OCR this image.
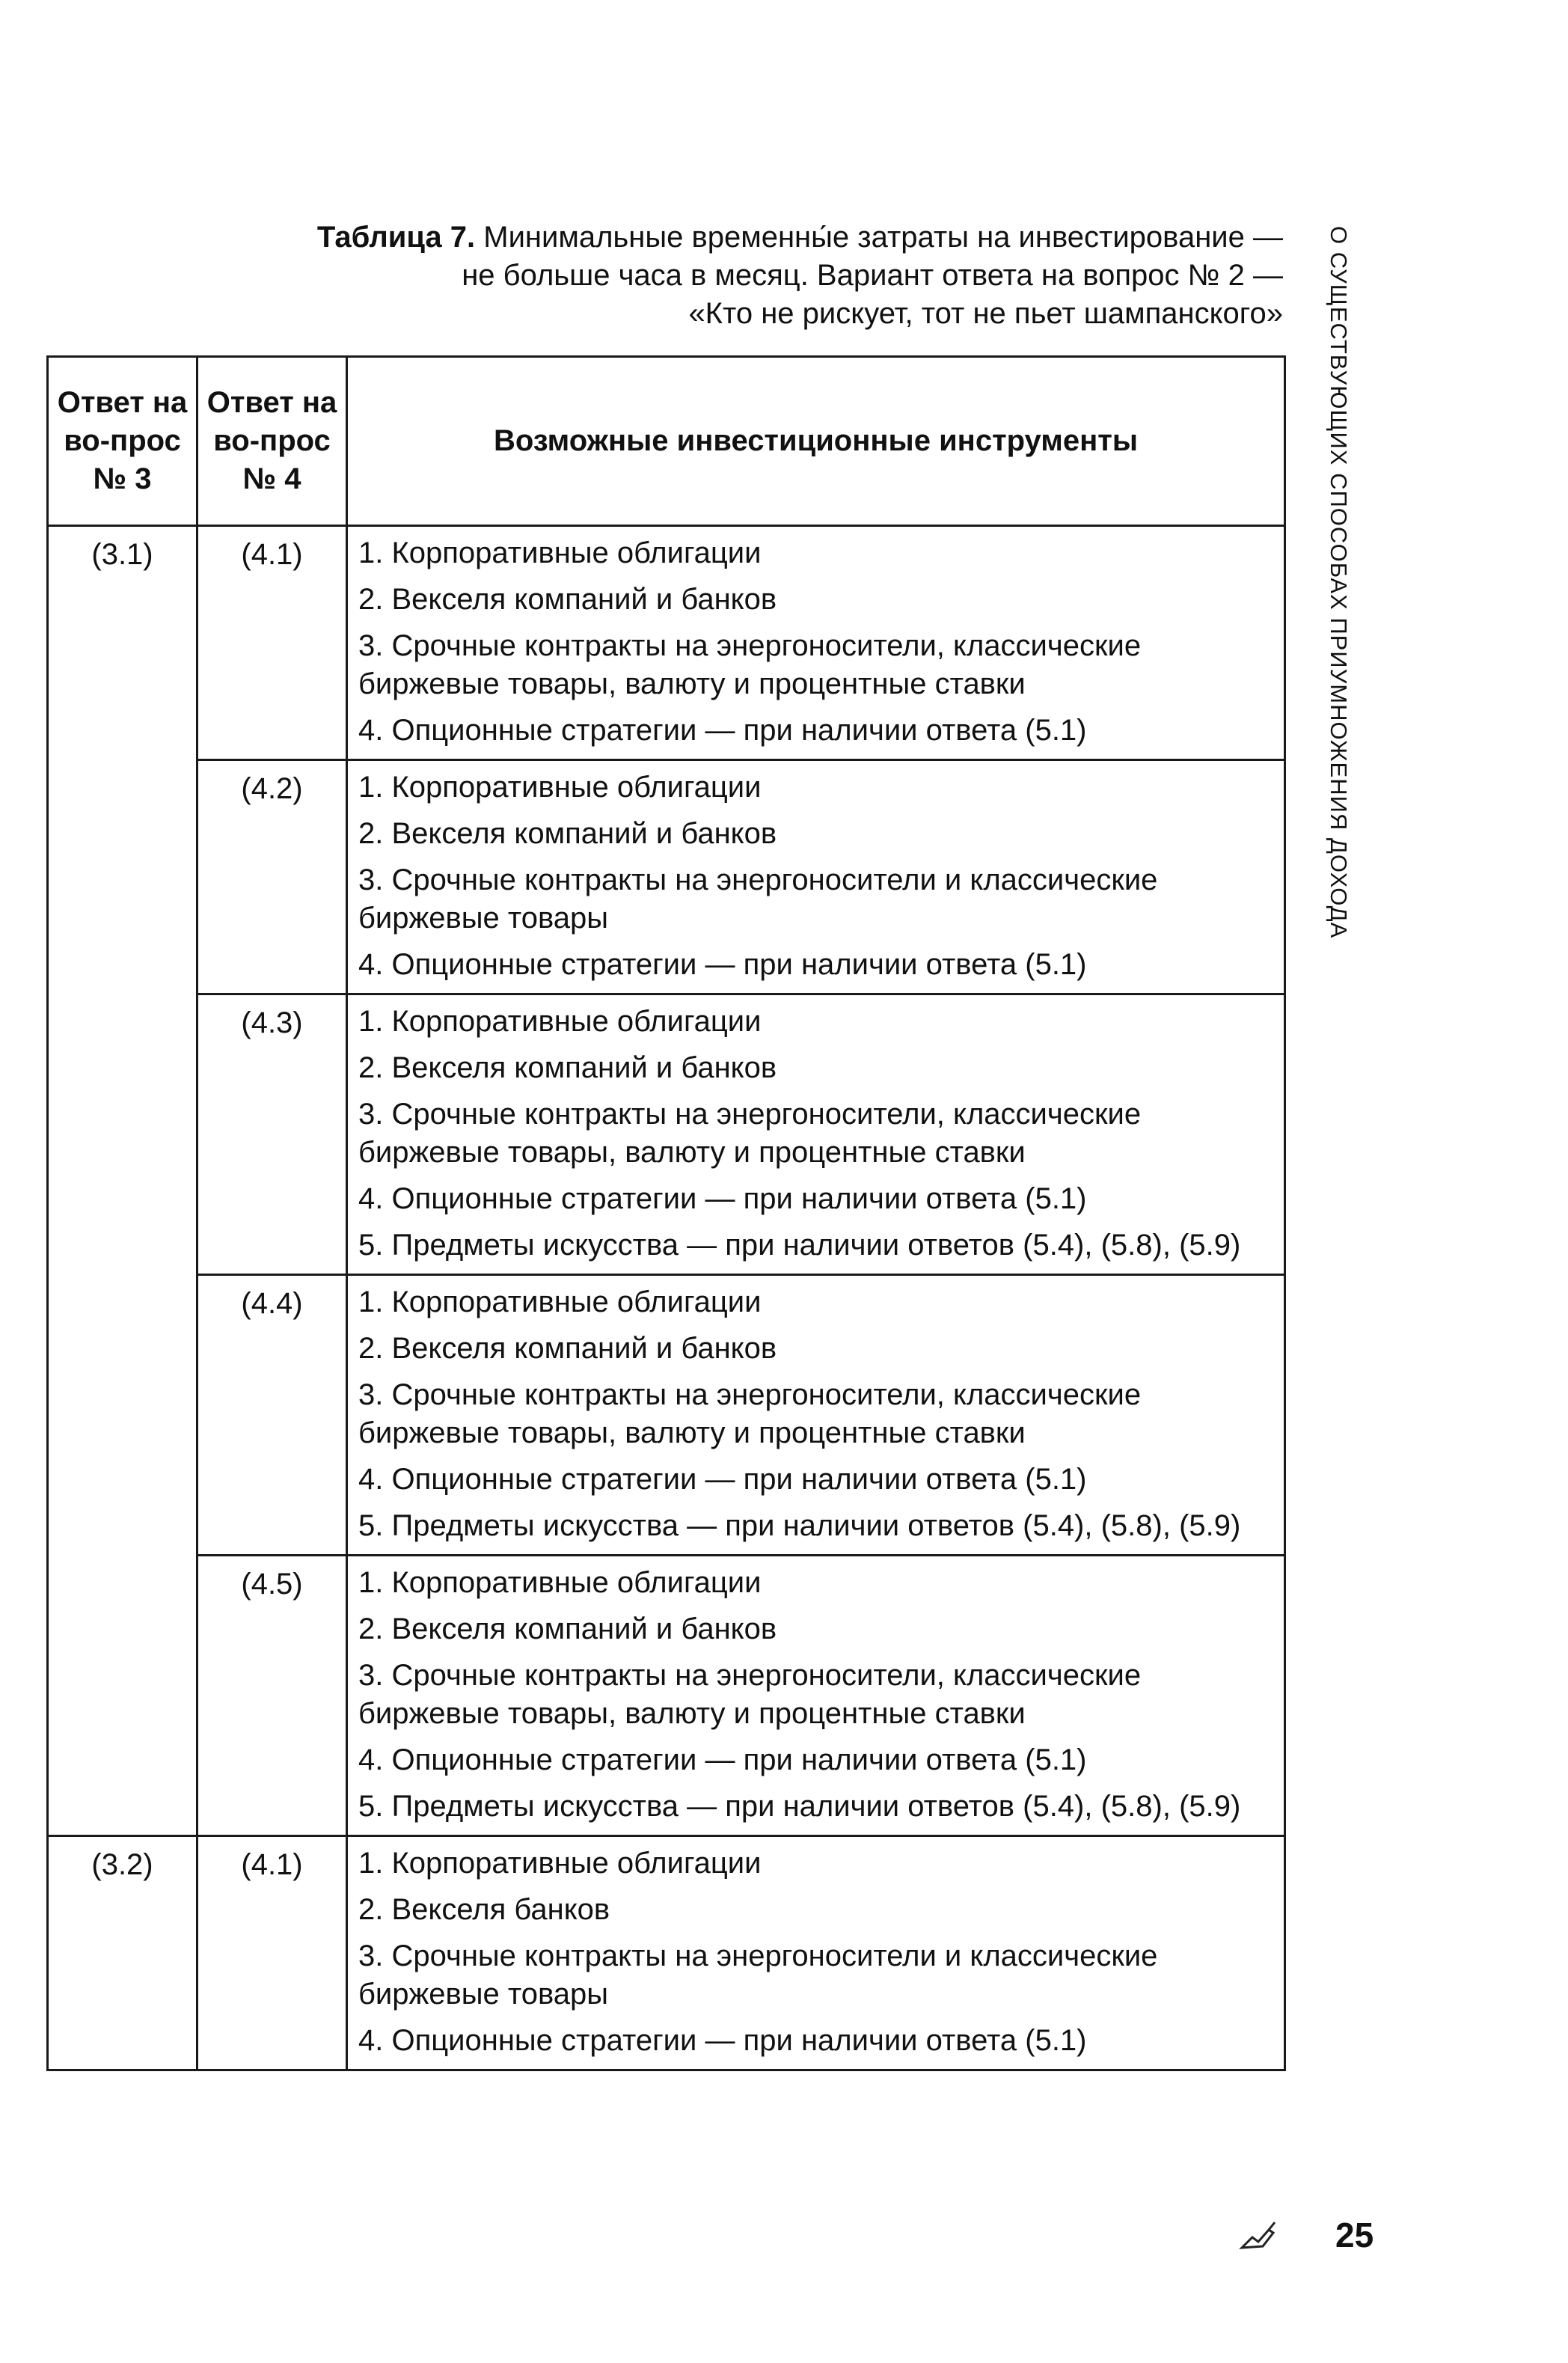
Таблица 7. Минимальные временны́е затраты на инвестирование —
не больше часа в месяц. Вариант ответа на вопрос № 2 —
«Кто не рискует, тот не пьет шампанского»
Ответ на во-прос № 3	Ответ на во-прос № 4	Возможные инвестиционные инструменты
(3.1)	(4.1)	1. Корпоративные облигации
2. Векселя компаний и банков
3. Срочные контракты на энергоносители, классические биржевые товары, валюту и процентные ставки
4. Опционные стратегии — при наличии ответа (5.1)

	(4.2)	1. Корпоративные облигации
2. Векселя компаний и банков
3. Срочные контракты на энергоносители и классические биржевые товары
4. Опционные стратегии — при наличии ответа (5.1)

	(4.3)	1. Корпоративные облигации
2. Векселя компаний и банков
3. Срочные контракты на энергоносители, классические биржевые товары, валюту и процентные ставки
4. Опционные стратегии — при наличии ответа (5.1)
5. Предметы искусства — при наличии ответов (5.4), (5.8), (5.9)

	(4.4)	1. Корпоративные облигации
2. Векселя компаний и банков
3. Срочные контракты на энергоносители, классические биржевые товары, валюту и процентные ставки
4. Опционные стратегии — при наличии ответа (5.1)
5. Предметы искусства — при наличии ответов (5.4), (5.8), (5.9)

	(4.5)	1. Корпоративные облигации
2. Векселя компаний и банков
3. Срочные контракты на энергоносители, классические биржевые товары, валюту и процентные ставки
4. Опционные стратегии — при наличии ответа (5.1)
5. Предметы искусства — при наличии ответов (5.4), (5.8), (5.9)

(3.2)	(4.1)	1. Корпоративные облигации
2. Векселя банков
3. Срочные контракты на энергоносители и классические биржевые товары
4. Опционные стратегии — при наличии ответа (5.1)
О СУЩЕСТВУЮЩИХ СПОСОБАХ ПРИУМНОЖЕНИЯ ДОХОДА
25
